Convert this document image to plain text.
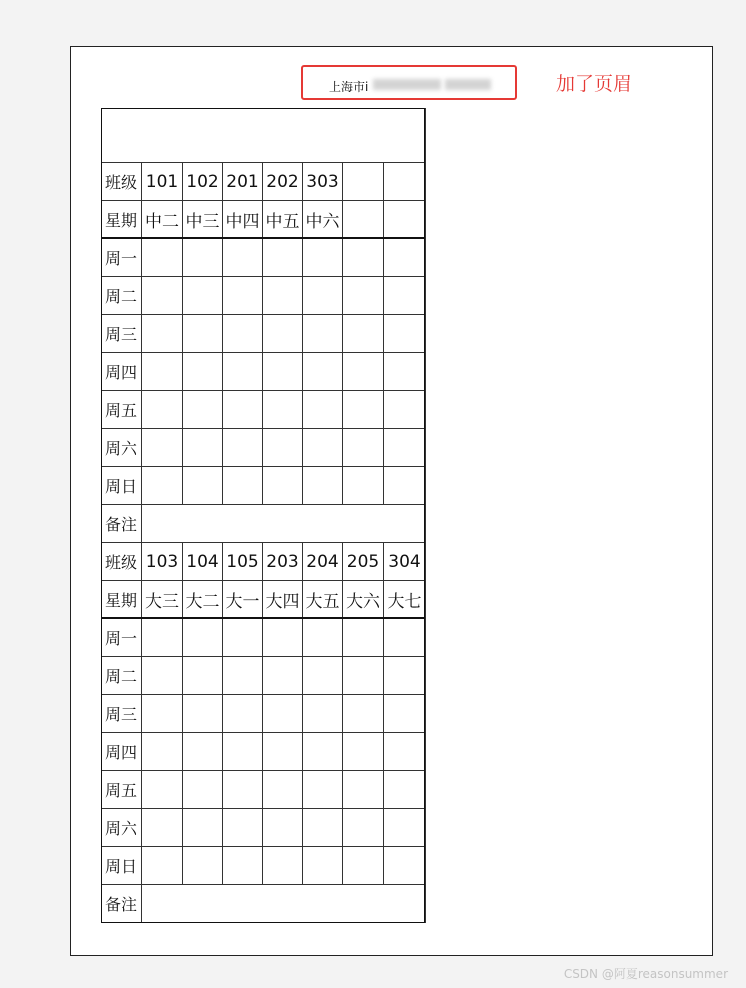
上海市i	加了页眉

班级	101	102	201	202	303		
星期	中二	中三	中四	中五	中六		
周一							
周二							
周三							
周四							
周五							
周六							
周日							
备注							
班级	103	104	105	203	204	205	304
星期	大三	大二	大一	大四	大五	大六	大七
周一							
周二							
周三							
周四							
周五							
周六							
周日							
备注							
CSDN @阿夏reasonsummer
